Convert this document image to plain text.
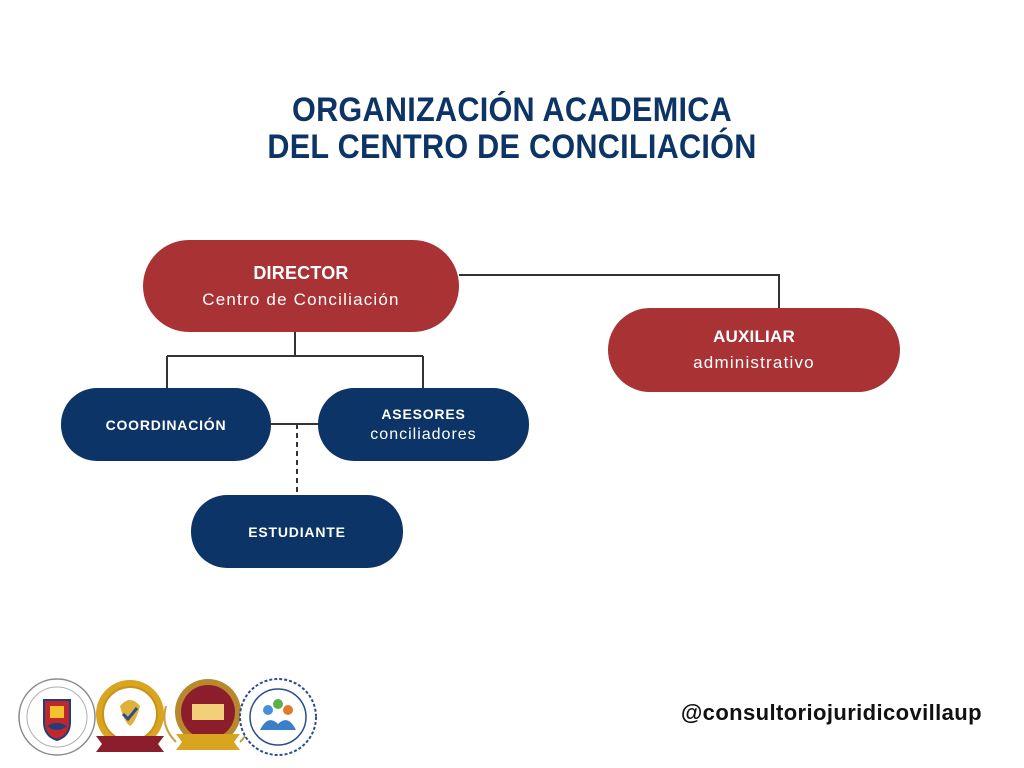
ORGANIZACIÓN ACADEMICA
DEL CENTRO DE CONCILIACIÓN
DIRECTOR
Centro de Conciliación
AUXILIAR
administrativo
COORDINACIÓN
ASESORES
conciliadores
ESTUDIANTE
@consultoriojuridicovillaup
